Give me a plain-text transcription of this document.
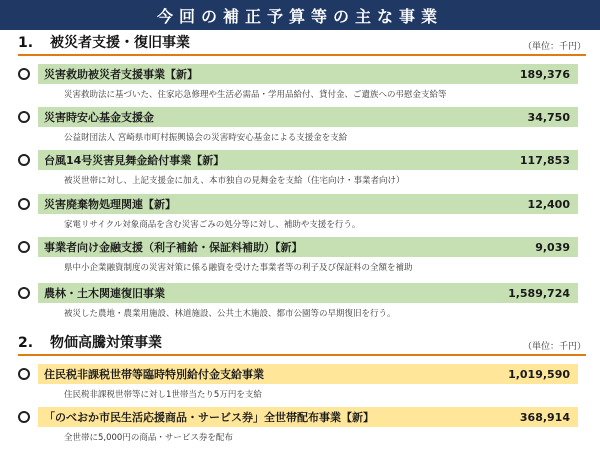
今回の補正予算等の主な事業
1. 被災者支援・復旧事業	（単位：千円）
災害救助被災者支援事業【新】	189,376
災害救助法に基づいた、住家応急修理や生活必需品・学用品給付、貸付金、ご遺族への弔慰金支給等
災害時安心基金支援金	34,750
公益財団法人 宮崎県市町村振興協会の災害時安心基金による支援金を支給
台風14号災害見舞金給付事業【新】	117,853
被災世帯に対し、上記支援金に加え、本市独自の見舞金を支給（住宅向け・事業者向け）
災害廃棄物処理関連【新】	12,400
家電リサイクル対象商品を含む災害ごみの処分等に対し、補助や支援を行う。
事業者向け金融支援（利子補給・保証料補助）【新】	9,039
県中小企業融資制度の災害対策に係る融資を受けた事業者等の利子及び保証料の全額を補助
農林・土木関連復旧事業	1,589,724
被災した農地・農業用施設、林道施設、公共土木施設、都市公園等の早期復旧を行う。
2. 物価高騰対策事業	（単位：千円）
住民税非課税世帯等臨時特別給付金支給事業	1,019,590
住民税非課税世帯等に対し1世帯当たり5万円を支給
「のべおか市民生活応援商品・サービス券」全世帯配布事業【新】	368,914
全世帯に5,000円の商品・サービス券を配布
